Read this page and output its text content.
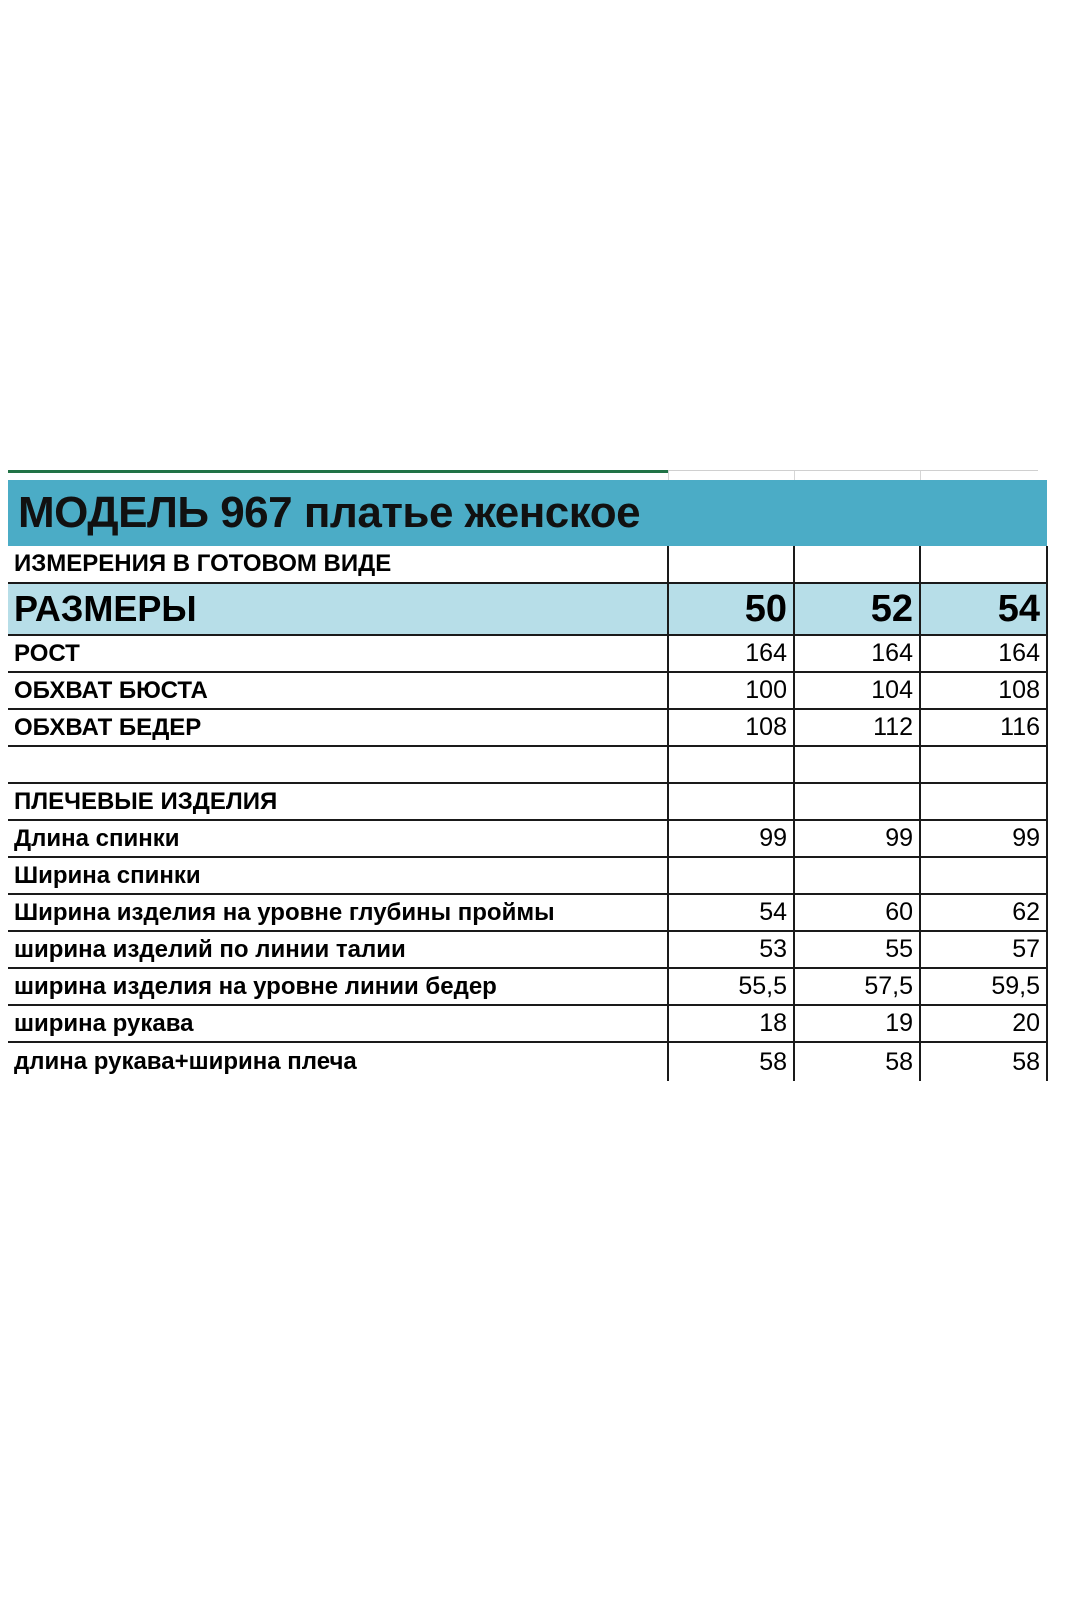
МОДЕЛЬ 967 платье женское
ИЗМЕРЕНИЯ В ГОТОВОМ ВИДЕ			
РАЗМЕРЫ	50	52	54
РОСТ	164	164	164
ОБХВАТ БЮСТА	100	104	108
ОБХВАТ БЕДЕР	108	112	116

ПЛЕЧЕВЫЕ ИЗДЕЛИЯ			
Длина спинки	99	99	99
Ширина спинки			
Ширина изделия на уровне глубины проймы	54	60	62
ширина изделий по линии талии	53	55	57
ширина изделия на уровне линии бедер	55,5	57,5	59,5
ширина рукава	18	19	20
длина рукава+ширина плеча	58	58	58
